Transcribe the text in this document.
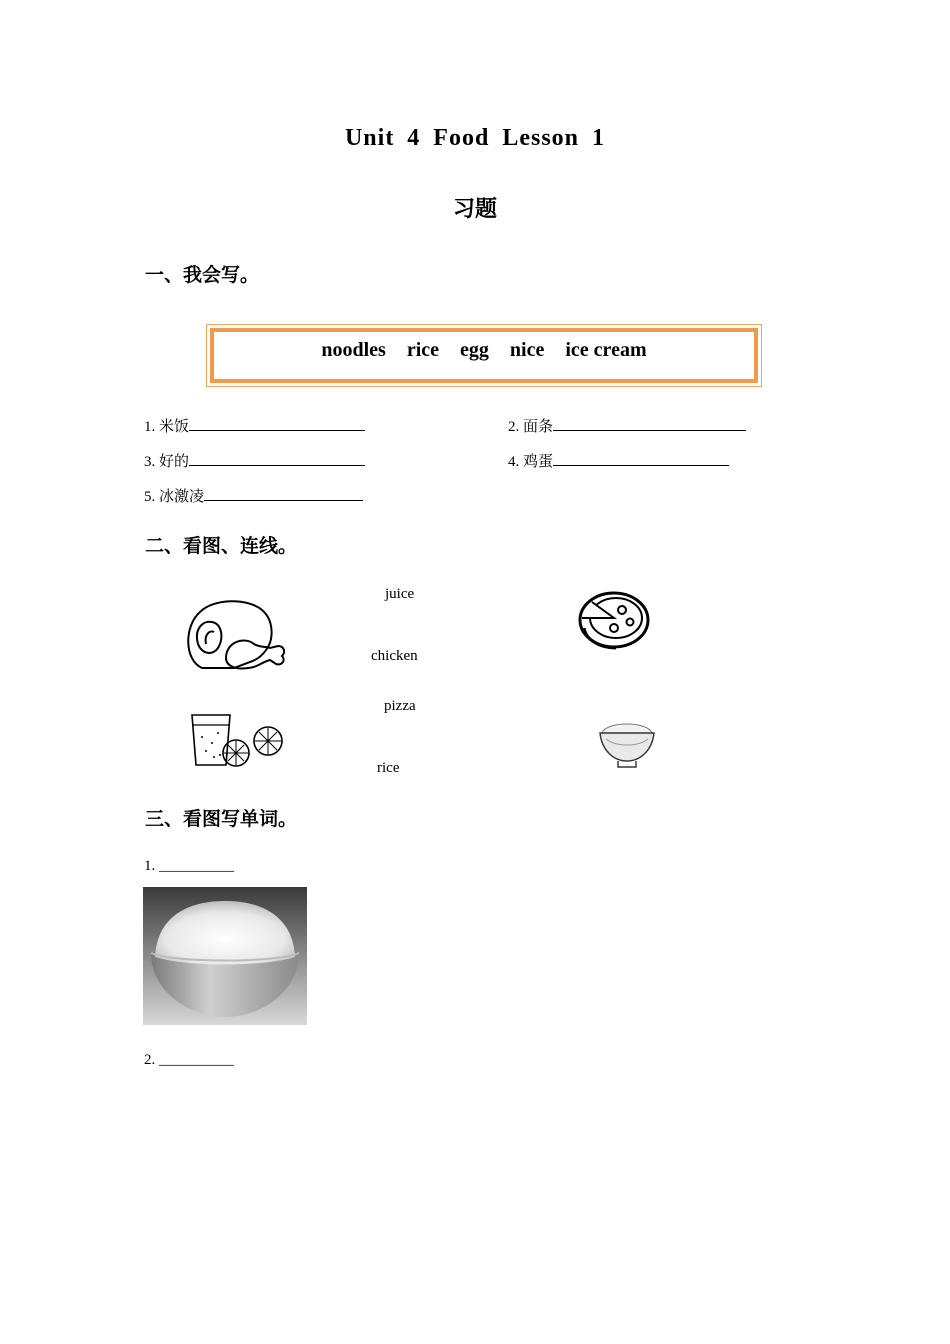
Unit 4 Food Lesson 1
习题
一、我会写。
noodles rice egg nice ice cream
1. 米饭	2. 面条
3. 好的	4. 鸡蛋
5. 冰激凌
二、看图、连线。
juice
chicken
pizza
rice
三、看图写单词。
1. __________
2. __________
